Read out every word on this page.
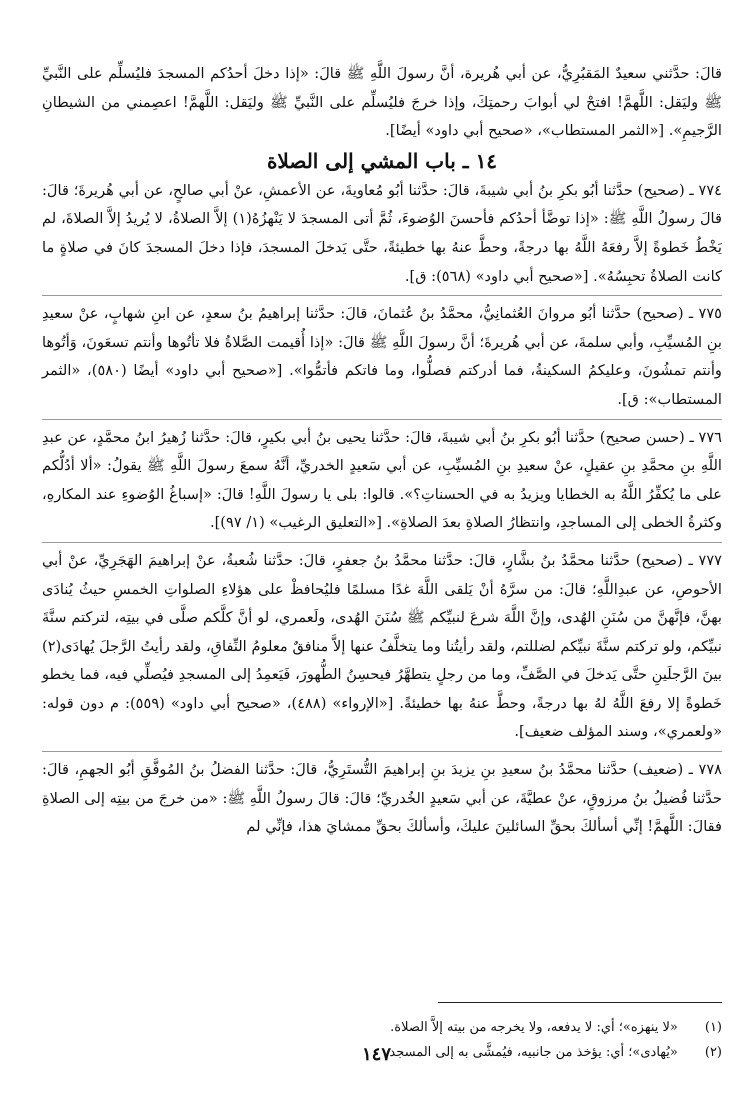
قالَ: حدَّثني سعيدٌ المَقبُرِيُّ، عن أبي هُريرة، أنَّ رسولَ اللَّهِ ﷺ قالَ: «إذا دخلَ أحدُكم المسجدَ فليُسلِّم على النَّبيِّ ﷺ وليَقل: اللَّهمَّ! افتحْ لي أبوابَ رحمتِكَ، وإذا خرجَ فليُسلِّم على النَّبيِّ ﷺ وليَقل: اللَّهمَّ! اعصِمني من الشيطانِ الرَّجيمِ». [«الثمر المستطاب»، «صحيح أبي داود» أيضًا].

١٤ ـ باب المشي إلى الصلاة

٧٧٤ ـ (صحيح) حدَّثنا أبُو بكرِ بنُ أبي شيبةَ، قالَ: حدَّثنا أبُو مُعاويةَ، عن الأعمشِ، عنْ أبي صالحٍ، عن أبي هُريرةَ؛ قالَ: قالَ رسولُ اللَّهِ ﷺ: «إذا توضَّأ أحدُكم فأحسنَ الوُضوءَ، ثُمَّ أتى المسجدَ لا يَنْهزُهُ(١) إلاَّ الصلاةُ، لا يُريدُ إلاَّ الصلاةَ، لم يَخْطُ خَطوةً إلاَّ رفعَهُ اللَّهُ بها درجةً، وحطَّ عنهُ بها خطيئةً، حتَّى يَدخلَ المسجدَ، فإذا دخلَ المسجدَ كانَ في صلاةٍ ما كانت الصلاةُ تحبِسُهُ». [«صحيح أبي داود» (٥٦٨): ق].

٧٧٥ ـ (صحيح) حدَّثنا أبُو مروانَ العُثمانِيُّ، محمَّدُ بنُ عُثمانَ، قالَ: حدَّثنا إبراهيمُ بنُ سعدٍ، عن ابنِ شهابٍ، عنْ سعيدِ بنِ المُسيِّبِ، وأبي سلمةَ، عن أبي هُريرةَ؛ أنَّ رسولَ اللَّهِ ﷺ قالَ: «إذا أُقيمت الصَّلاةُ فلا تأتُوها وأنتم تسعَونَ، وَأتُوها وأنتم تمشُونَ، وعليكمُ السكينةُ، فما أدركتم فصلُّوا، وما فاتكم فأتمُّوا». [«صحيح أبي داود» أيضًا (٥٨٠)، «الثمر المستطاب»: ق].

٧٧٦ ـ (حسن صحيح) حدَّثنا أبُو بكرِ بنُ أبي شيبةَ، قالَ: حدَّثنا يحيى بنُ أبي بكيرٍ، قالَ: حدَّثنا زُهيرُ ابنُ محمَّدٍ، عن عبدِ اللَّهِ بنِ محمَّدِ بنِ عقيلٍ، عنْ سعيدِ بنِ المُسيِّبِ، عن أبي سَعيدٍ الخدريِّ، أنَّهُ سمعَ رسولَ اللَّهِ ﷺ يقولُ: «ألا أدُلُّكم على ما يُكفِّرُ اللَّهُ به الخطايا ويزيدُ به في الحسناتِ؟». قالوا: بلى يا رسولَ اللَّهِ! قالَ: «إسباغُ الوُضوءِ عند المكارهِ، وكثرةُ الخطى إلى المساجدِ، وانتظارُ الصلاةِ بعدَ الصلاةِ». [«التعليق الرغيب» (١/ ٩٧)].

٧٧٧ ـ (صحيح) حدَّثنا محمَّدُ بنُ بشَّارٍ، قالَ: حدَّثنا محمَّدُ بنُ جعفرٍ، قالَ: حدَّثنا شُعبةُ، عنْ إبراهيمَ الهَجَرِيِّ، عنْ أبي الأحوصِ، عن عبدِاللَّهِ؛ قالَ: من سرَّهُ أنْ يَلقى اللَّهَ غدًا مسلمًا فليُحافظْ على هؤلاءِ الصلواتِ الخمسِ حيثُ يُنادَى بهنَّ، فإنَّهنَّ من سُنَنِ الهُدى، وإنَّ اللَّهَ شرعَ لنبيِّكم ﷺ سُنَنَ الهُدى، ولَعمري، لو أنَّ كلَّكم صلَّى في بيتِه، لتركتم سنَّةَ نبيِّكم، ولو تركتم سنَّةَ نبيِّكم لضللتم، ولقد رأيتُنا وما يتخلَّفُ عنها إلاَّ منافقٌ معلومُ النِّفاقِ، ولقد رأيتُ الرَّجلَ يُهادَى(٢) بينَ الرَّجلَينِ حتَّى يَدخلَ في الصَّفِّ، وما من رجلٍ يتطهَّرُ فيحسِنُ الطُّهورَ، فَيَعمِدُ إلى المسجدِ فيُصلِّي فيه، فما يخطو خَطوةً إلا رفعَ اللَّهُ لهُ بها درجةً، وحطَّ عنهُ بها خطيئةً. [«الإرواء» (٤٨٨)، «صحيح أبي داود» (٥٥٩): م دون قوله: «ولعمري»، وسند المؤلف ضعيف].

٧٧٨ ـ (ضعيف) حدَّثنا محمَّدُ بنُ سعيدِ بنِ يزيدَ بنِ إبراهيمَ التُّستَرِيُّ، قالَ: حدَّثنا الفضلُ بنُ المُوفَّقِ أبُو الجهمِ، قالَ: حدَّثنا فُضيلُ بنُ مرزوقٍ، عنْ عطيَّةَ، عن أبي سَعيدٍ الخُدريِّ؛ قالَ: قالَ رسولُ اللَّهِ ﷺ: «من خرجَ من بيتِه إلى الصلاةِ فقالَ: اللَّهمَّ! إنِّي أسألكَ بحقِّ السائلينَ عليكَ، وأسألكَ بحقِّ ممشايَ هذا، فإنِّي لم

(١) «لا ينهزه»؛ أي: لا يدفعه، ولا يخرجه من بيته إلاَّ الصلاة.

(٢) «يُهادى»؛ أي: يؤخذ من جانبيه، فيُمشَّى به إلى المسجد.

١٤٧
